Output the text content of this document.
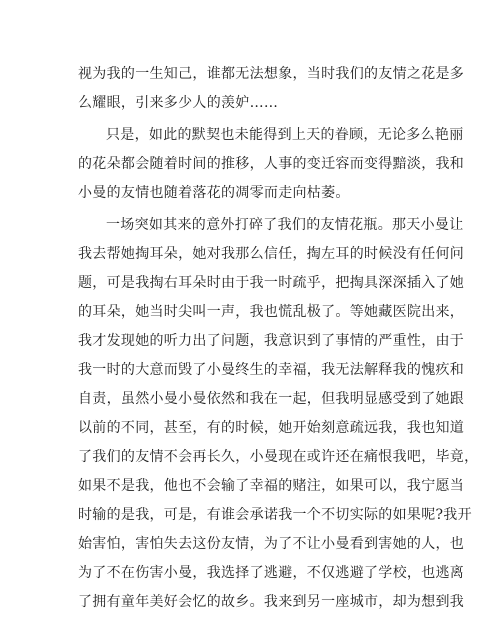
视为我的一生知己，谁都无法想象，当时我们的友情之花是多
么耀眼，引来多少人的羡妒……
只是，如此的默契也未能得到上天的眷顾，无论多么艳丽
的花朵都会随着时间的推移，人事的变迁容而变得黯淡，我和
小曼的友情也随着落花的凋零而走向枯萎。
一场突如其来的意外打碎了我们的友情花瓶。那天小曼让
我去帮她掏耳朵，她对我那么信任，掏左耳的时候没有任何问
题，可是我掏右耳朵时由于我一时疏乎，把掏具深深插入了她
的耳朵，她当时尖叫一声，我也慌乱极了。等她藏医院出来，
我才发现她的听力出了问题，我意识到了事情的严重性，由于
我一时的大意而毁了小曼终生的幸福，我无法解释我的愧疚和
自责，虽然小曼小曼依然和我在一起，但我明显感受到了她跟
以前的不同，甚至，有的时候，她开始刻意疏远我，我也知道
了我们的友情不会再长久，小曼现在或许还在痛恨我吧，毕竟，
如果不是我，他也不会输了幸福的赌注，如果可以，我宁愿当
时输的是我，可是，有谁会承诺我一个不切实际的如果呢?我开
始害怕，害怕失去这份友情，为了不让小曼看到害她的人，也
为了不在伤害小曼，我选择了逃避，不仅逃避了学校，也逃离
了拥有童年美好会忆的故乡。我来到另一座城市，却为想到我
